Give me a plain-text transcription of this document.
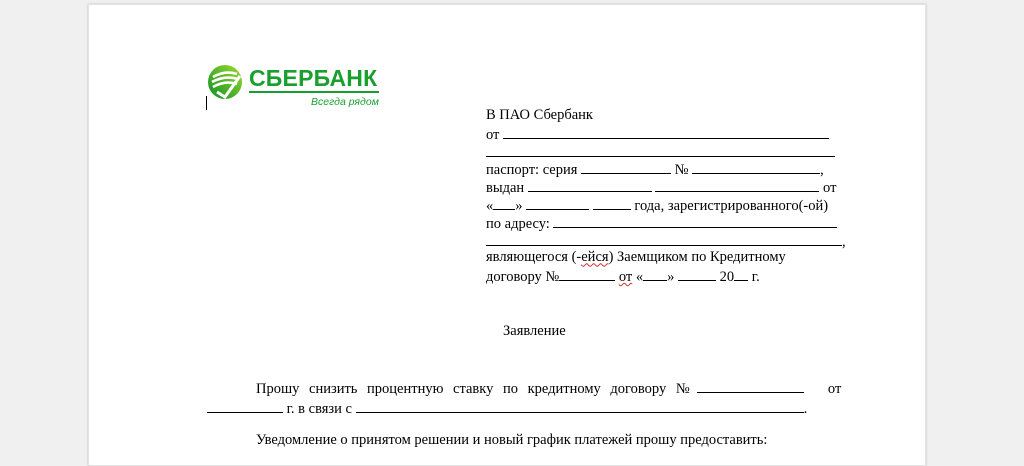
СБЕРБАНК
Всегда рядом
В ПАО Сбербанк
от
паспорт: серия	№	,
выдан	от
« »	года, зарегистрированного(-ой)
по адресу:
,
являющегося (-ейся) Заемщиком по Кредитному
договору №	от « »	20 г.
Заявление
Прошу снизить процентную ставку по кредитному договору №	от
г. в связи с	.
Уведомление о принятом решении и новый график платежей прошу предоставить:
